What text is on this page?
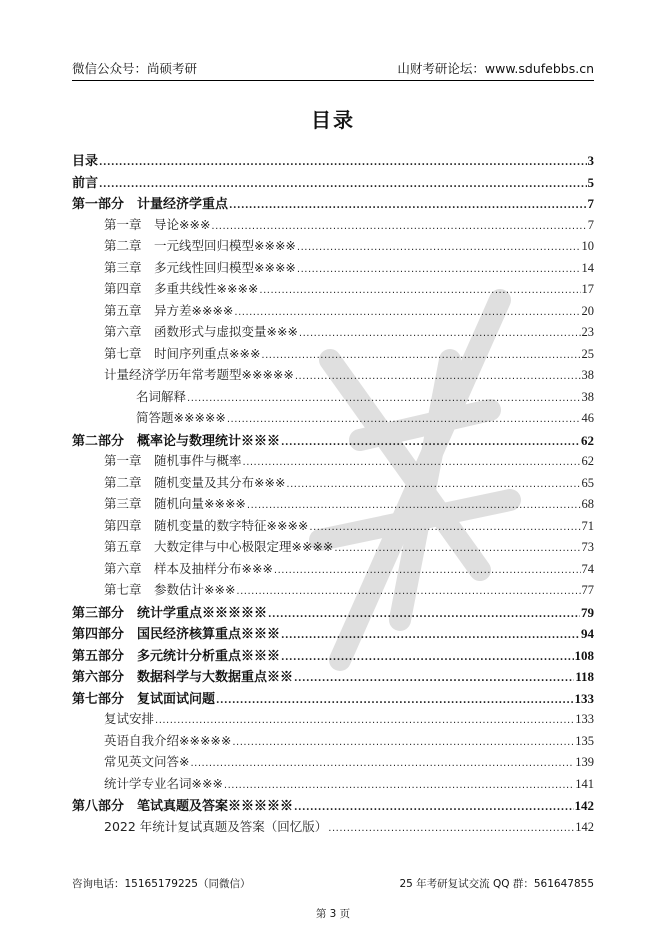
微信公众号：尚硕考研	山财考研论坛：www.sdufebbs.cn
目录
目录 .....	3
前言 .....	5
第一部分　计量经济学重点 .....	7
第一章　导论※※※ .....	7
第二章　一元线型回归模型※※※※ .....	10
第三章　多元线性回归模型※※※※ .....	14
第四章　多重共线性※※※※ .....	17
第五章　异方差※※※※ .....	20
第六章　函数形式与虚拟变量※※※ .....	23
第七章　时间序列重点※※※ .....	25
计量经济学历年常考题型※※※※※ .....	38
名词解释 .....	38
简答题※※※※※ .....	46
第二部分　概率论与数理统计※※※ .....	62
第一章　随机事件与概率 .....	62
第二章　随机变量及其分布※※※ .....	65
第三章　随机向量※※※※ .....	68
第四章　随机变量的数字特征※※※※ .....	71
第五章　大数定律与中心极限定理※※※※ .....	73
第六章　样本及抽样分布※※※ .....	74
第七章　参数估计※※※ .....	77
第三部分　统计学重点※※※※※ .....	79
第四部分　国民经济核算重点※※※ .....	94
第五部分　多元统计分析重点※※※ .....	108
第六部分　数据科学与大数据重点※※ .....	118
第七部分　复试面试问题 .....	133
复试安排 .....	133
英语自我介绍※※※※※ .....	135
常见英文问答※ .....	139
统计学专业名词※※※ .....	141
第八部分　笔试真题及答案※※※※※ .....	142
2022 年统计复试真题及答案（回忆版） .....	142
咨询电话：15165179225（同微信）	25 年考研复试交流 QQ 群：561647855
第 3 页
